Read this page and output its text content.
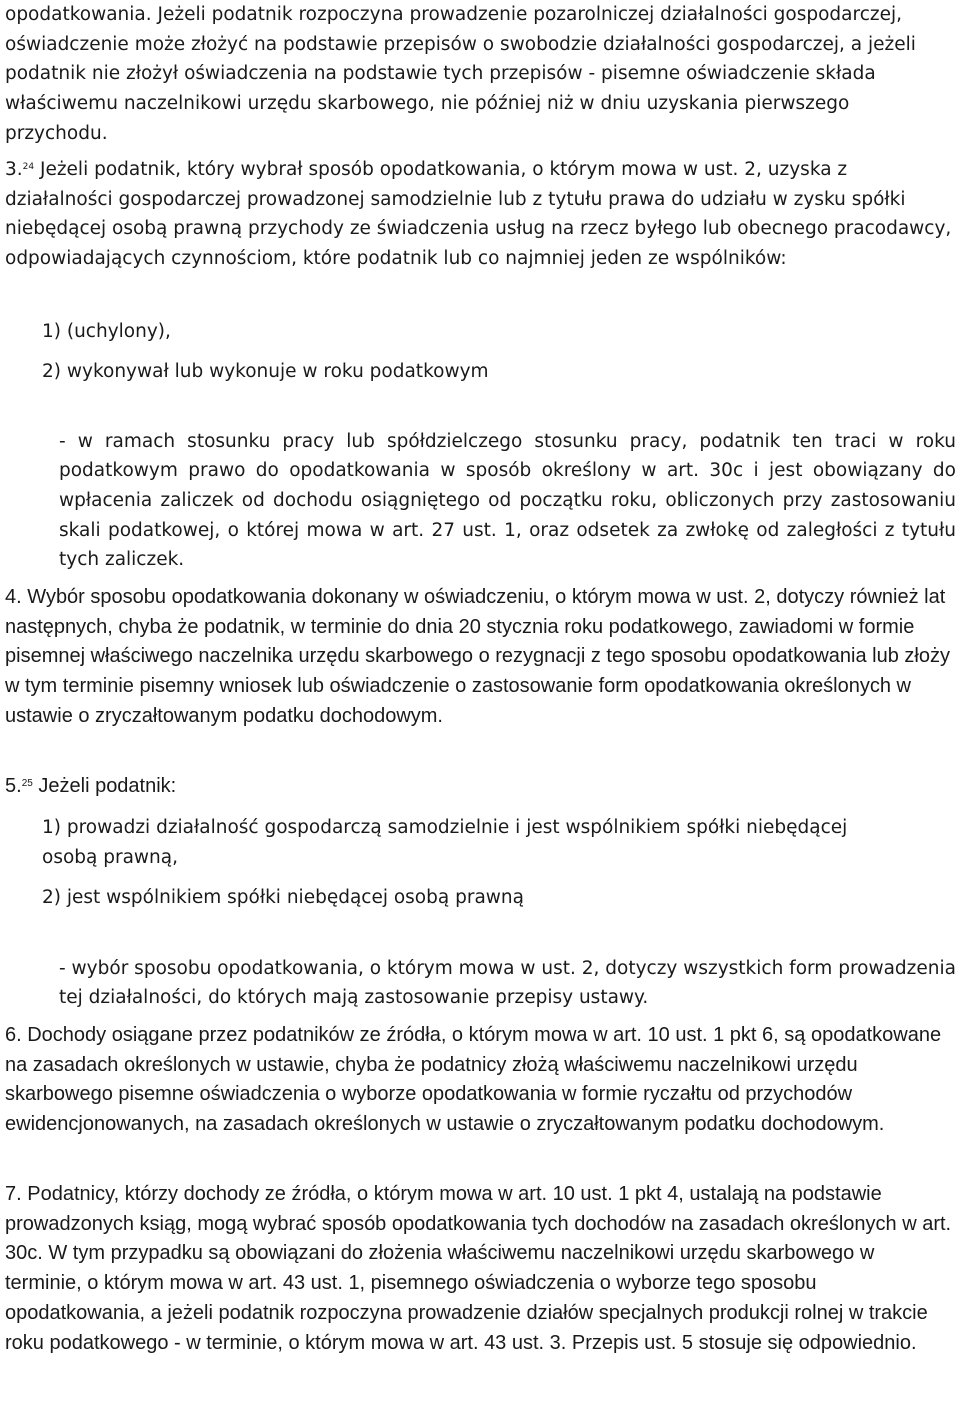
opodatkowania. Jeżeli podatnik rozpoczyna prowadzenie pozarolniczej działalności gospodarczej, oświadczenie może złożyć na podstawie przepisów o swobodzie działalności gospodarczej, a jeżeli podatnik nie złożył oświadczenia na podstawie tych przepisów - pisemne oświadczenie składa właściwemu naczelnikowi urzędu skarbowego, nie później niż w dniu uzyskania pierwszego przychodu.

3.24 Jeżeli podatnik, który wybrał sposób opodatkowania, o którym mowa w ust. 2, uzyska z działalności gospodarczej prowadzonej samodzielnie lub z tytułu prawa do udziału w zysku spółki niebędącej osobą prawną przychody ze świadczenia usług na rzecz byłego lub obecnego pracodawcy, odpowiadających czynnościom, które podatnik lub co najmniej jeden ze wspólników:

1) (uchylony),
2) wykonywał lub wykonuje w roku podatkowym

- w ramach stosunku pracy lub spółdzielczego stosunku pracy, podatnik ten traci w roku podatkowym prawo do opodatkowania w sposób określony w art. 30c i jest obowiązany do wpłacenia zaliczek od dochodu osiągniętego od początku roku, obliczonych przy zastosowaniu skali podatkowej, o której mowa w art. 27 ust. 1, oraz odsetek za zwłokę od zaległości z tytułu tych zaliczek.

4. Wybór sposobu opodatkowania dokonany w oświadczeniu, o którym mowa w ust. 2, dotyczy również lat następnych, chyba że podatnik, w terminie do dnia 20 stycznia roku podatkowego, zawiadomi w formie pisemnej właściwego naczelnika urzędu skarbowego o rezygnacji z tego sposobu opodatkowania lub złoży w tym terminie pisemny wniosek lub oświadczenie o zastosowanie form opodatkowania określonych w ustawie o zryczałtowanym podatku dochodowym.

5.25 Jeżeli podatnik:

1) prowadzi działalność gospodarczą samodzielnie i jest wspólnikiem spółki niebędącej osobą prawną,
2) jest wspólnikiem spółki niebędącej osobą prawną

- wybór sposobu opodatkowania, o którym mowa w ust. 2, dotyczy wszystkich form prowadzenia tej działalności, do których mają zastosowanie przepisy ustawy.

6. Dochody osiągane przez podatników ze źródła, o którym mowa w art. 10 ust. 1 pkt 6, są opodatkowane na zasadach określonych w ustawie, chyba że podatnicy złożą właściwemu naczelnikowi urzędu skarbowego pisemne oświadczenia o wyborze opodatkowania w formie ryczałtu od przychodów ewidencjonowanych, na zasadach określonych w ustawie o zryczałtowanym podatku dochodowym.

7. Podatnicy, którzy dochody ze źródła, o którym mowa w art. 10 ust. 1 pkt 4, ustalają na podstawie prowadzonych ksiąg, mogą wybrać sposób opodatkowania tych dochodów na zasadach określonych w art. 30c. W tym przypadku są obowiązani do złożenia właściwemu naczelnikowi urzędu skarbowego w terminie, o którym mowa w art. 43 ust. 1, pisemnego oświadczenia o wyborze tego sposobu opodatkowania, a jeżeli podatnik rozpoczyna prowadzenie działów specjalnych produkcji rolnej w trakcie roku podatkowego - w terminie, o którym mowa w art. 43 ust. 3. Przepis ust. 5 stosuje się odpowiednio.
